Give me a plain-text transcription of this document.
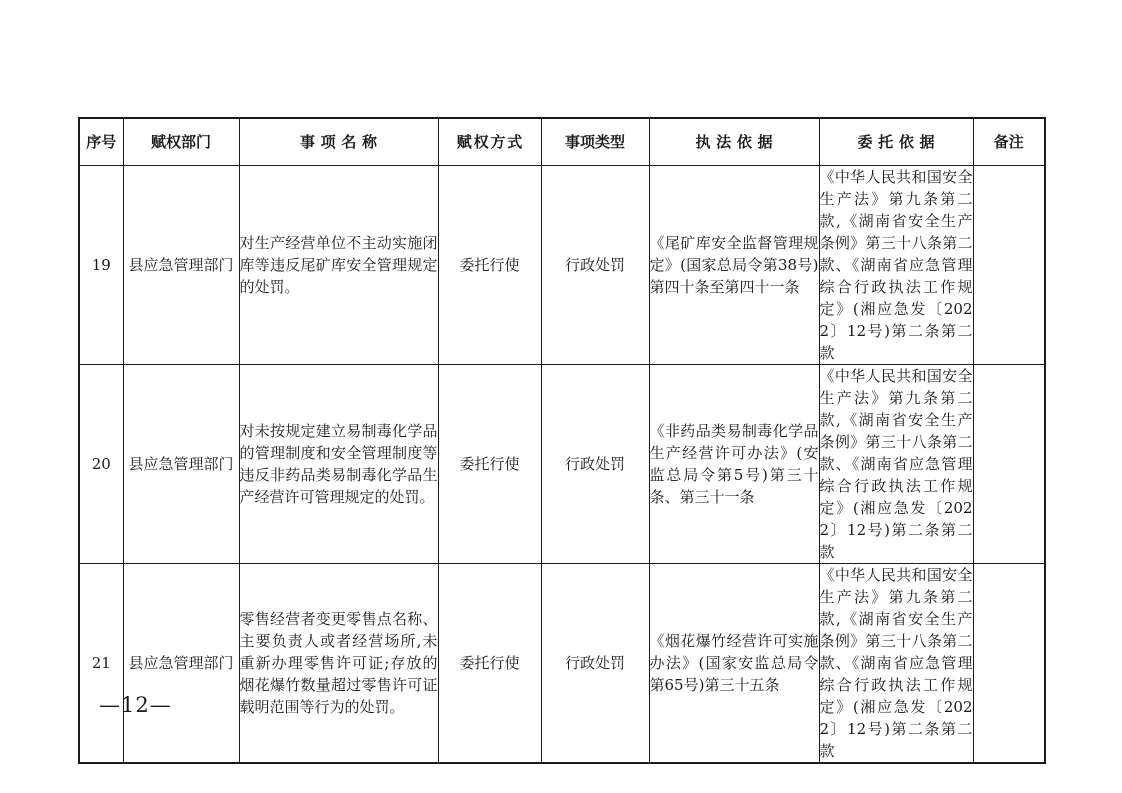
序号	赋权部门	事项名称	赋权方式	事项类型	执法依据	委托依据	备注
19	县应急管理部门	对生产经营单位不主动实施闭库等违反尾矿库安全管理规定的处罚。	委托行使	行政处罚	《尾矿库安全监督管理规定》(国家总局令第38号)第四十条至第四十一条	《中华人民共和国安全生产法》第九条第二款,《湖南省安全生产条例》第三十八条第二款、《湖南省应急管理综合行政执法工作规定》(湘应急发〔2022〕12号)第二条第二款	
20	县应急管理部门	对未按规定建立易制毒化学品的管理制度和安全管理制度等违反非药品类易制毒化学品生产经营许可管理规定的处罚。	委托行使	行政处罚	《非药品类易制毒化学品生产经营许可办法》(安监总局令第5号)第三十条、第三十一条	《中华人民共和国安全生产法》第九条第二款,《湖南省安全生产条例》第三十八条第二款、《湖南省应急管理综合行政执法工作规定》(湘应急发〔2022〕12号)第二条第二款	
21	县应急管理部门	零售经营者变更零售点名称、主要负责人或者经营场所,未重新办理零售许可证;存放的烟花爆竹数量超过零售许可证载明范围等行为的处罚。	委托行使	行政处罚	《烟花爆竹经营许可实施办法》(国家安监总局令第65号)第三十五条	《中华人民共和国安全生产法》第九条第二款,《湖南省安全生产条例》第三十八条第二款、《湖南省应急管理综合行政执法工作规定》(湘应急发〔2022〕12号)第二条第二款	
—12—
